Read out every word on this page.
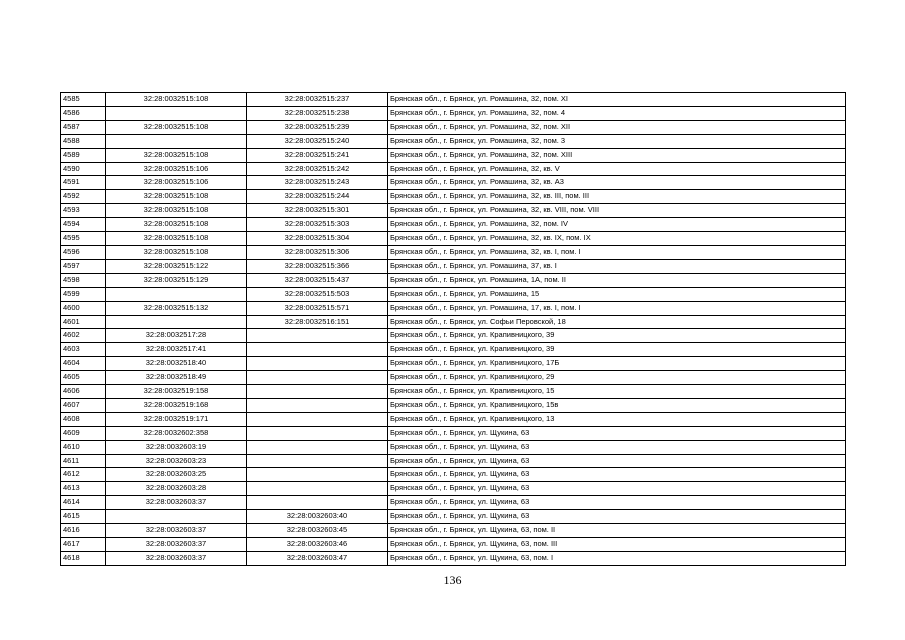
4585	32:28:0032515:108	32:28:0032515:237	Брянская обл., г. Брянск, ул. Ромашина, 32, пом. XI
4586		32:28:0032515:238	Брянская обл., г. Брянск, ул. Ромашина, 32, пом. 4
4587	32:28:0032515:108	32:28:0032515:239	Брянская обл., г. Брянск, ул. Ромашина, 32, пом. XII
4588		32:28:0032515:240	Брянская обл., г. Брянск, ул. Ромашина, 32, пом. 3
4589	32:28:0032515:108	32:28:0032515:241	Брянская обл., г. Брянск, ул. Ромашина, 32, пом. XIII
4590	32:28:0032515:106	32:28:0032515:242	Брянская обл., г. Брянск, ул. Ромашина, 32, кв. V
4591	32:28:0032515:106	32:28:0032515:243	Брянская обл., г. Брянск, ул. Ромашина, 32, кв. А3
4592	32:28:0032515:108	32:28:0032515:244	Брянская обл., г. Брянск, ул. Ромашина, 32, кв. III, пом. III
4593	32:28:0032515:108	32:28:0032515:301	Брянская обл., г. Брянск, ул. Ромашина, 32, кв. VIII, пом. VIII
4594	32:28:0032515:108	32:28:0032515:303	Брянская обл., г. Брянск, ул. Ромашина, 32, пом. IV
4595	32:28:0032515:108	32:28:0032515:304	Брянская обл., г. Брянск, ул. Ромашина, 32, кв. IX, пом. IX
4596	32:28:0032515:108	32:28:0032515:306	Брянская обл., г. Брянск, ул. Ромашина, 32, кв. I, пом. I
4597	32:28:0032515:122	32:28:0032515:366	Брянская обл., г. Брянск, ул. Ромашина, 37, кв. I
4598	32:28:0032515:129	32:28:0032515:437	Брянская обл., г. Брянск, ул. Ромашина, 1А, пом. II
4599		32:28:0032515:503	Брянская обл., г. Брянск, ул. Ромашина, 15
4600	32:28:0032515:132	32:28:0032515:571	Брянская обл., г. Брянск, ул. Ромашина, 17, кв. I, пом. I
4601		32:28:0032516:151	Брянская обл., г. Брянск, ул. Софьи Перовской, 18
4602	32:28:0032517:28		Брянская обл., г. Брянск, ул. Крапивницкого, 39
4603	32:28:0032517:41		Брянская обл., г. Брянск, ул. Крапивницкого, 39
4604	32:28:0032518:40		Брянская обл., г. Брянск, ул. Крапивницкого, 17Б
4605	32:28:0032518:49		Брянская обл., г. Брянск, ул. Крапивницкого, 29
4606	32:28:0032519:158		Брянская обл., г. Брянск, ул. Крапивницкого, 15
4607	32:28:0032519:168		Брянская обл., г. Брянск, ул. Крапивницкого, 15в
4608	32:28:0032519:171		Брянская обл., г. Брянск, ул. Крапивницкого, 13
4609	32:28:0032602:358		Брянская обл., г. Брянск, ул. Щукина, 63
4610	32:28:0032603:19		Брянская обл., г. Брянск, ул. Щукина, 63
4611	32:28:0032603:23		Брянская обл., г. Брянск, ул. Щукина, 63
4612	32:28:0032603:25		Брянская обл., г. Брянск, ул. Щукина, 63
4613	32:28:0032603:28		Брянская обл., г. Брянск, ул. Щукина, 63
4614	32:28:0032603:37		Брянская обл., г. Брянск, ул. Щукина, 63
4615		32:28:0032603:40	Брянская обл., г. Брянск, ул. Щукина, 63
4616	32:28:0032603:37	32:28:0032603:45	Брянская обл., г. Брянск, ул. Щукина, 63, пом. II
4617	32:28:0032603:37	32:28:0032603:46	Брянская обл., г. Брянск, ул. Щукина, 63, пом. III
4618	32:28:0032603:37	32:28:0032603:47	Брянская обл., г. Брянск, ул. Щукина, 63, пом. I
136
